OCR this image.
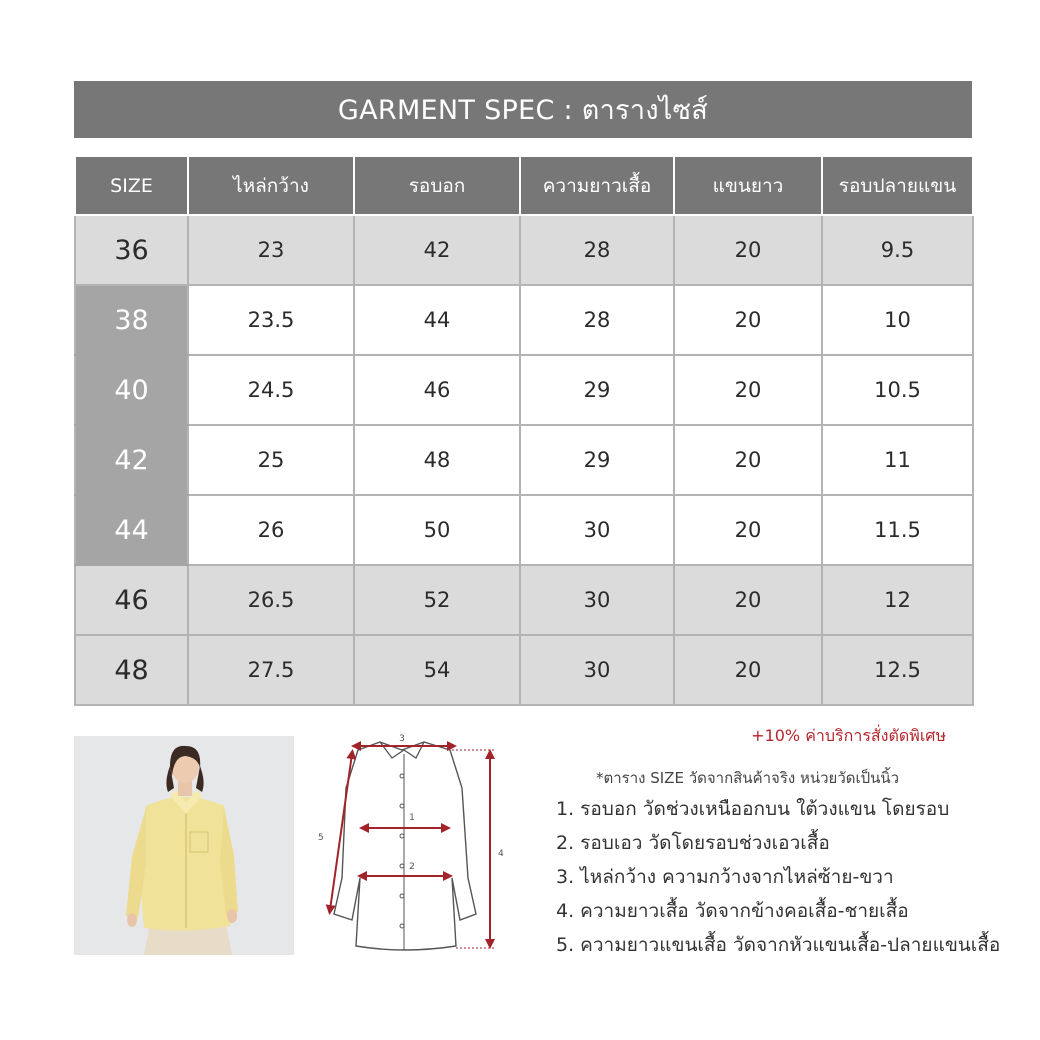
GARMENT SPEC : ตารางไซส์
SIZE	ไหล่กว้าง	รอบอก	ความยาวเสื้อ	แขนยาว	รอบปลายแขน
36	23	42	28	20	9.5
38	23.5	44	28	20	10
40	24.5	46	29	20	10.5
42	25	48	29	20	11
44	26	50	30	20	11.5
46	26.5	52	30	20	12
48	27.5	54	30	20	12.5
+10% ค่าบริการสั่งตัดพิเศษ
3
1
2
4
5
*ตาราง SIZE วัดจากสินค้าจริง หน่วยวัดเป็นนิ้ว
1. รอบอก วัดช่วงเหนืออกบน ใต้วงแขน โดยรอบ
2. รอบเอว วัดโดยรอบช่วงเอวเสื้อ
3. ไหล่กว้าง ความกว้างจากไหล่ซ้าย-ขวา
4. ความยาวเสื้อ วัดจากข้างคอเสื้อ-ชายเสื้อ
5. ความยาวแขนเสื้อ วัดจากหัวแขนเสื้อ-ปลายแขนเสื้อ
